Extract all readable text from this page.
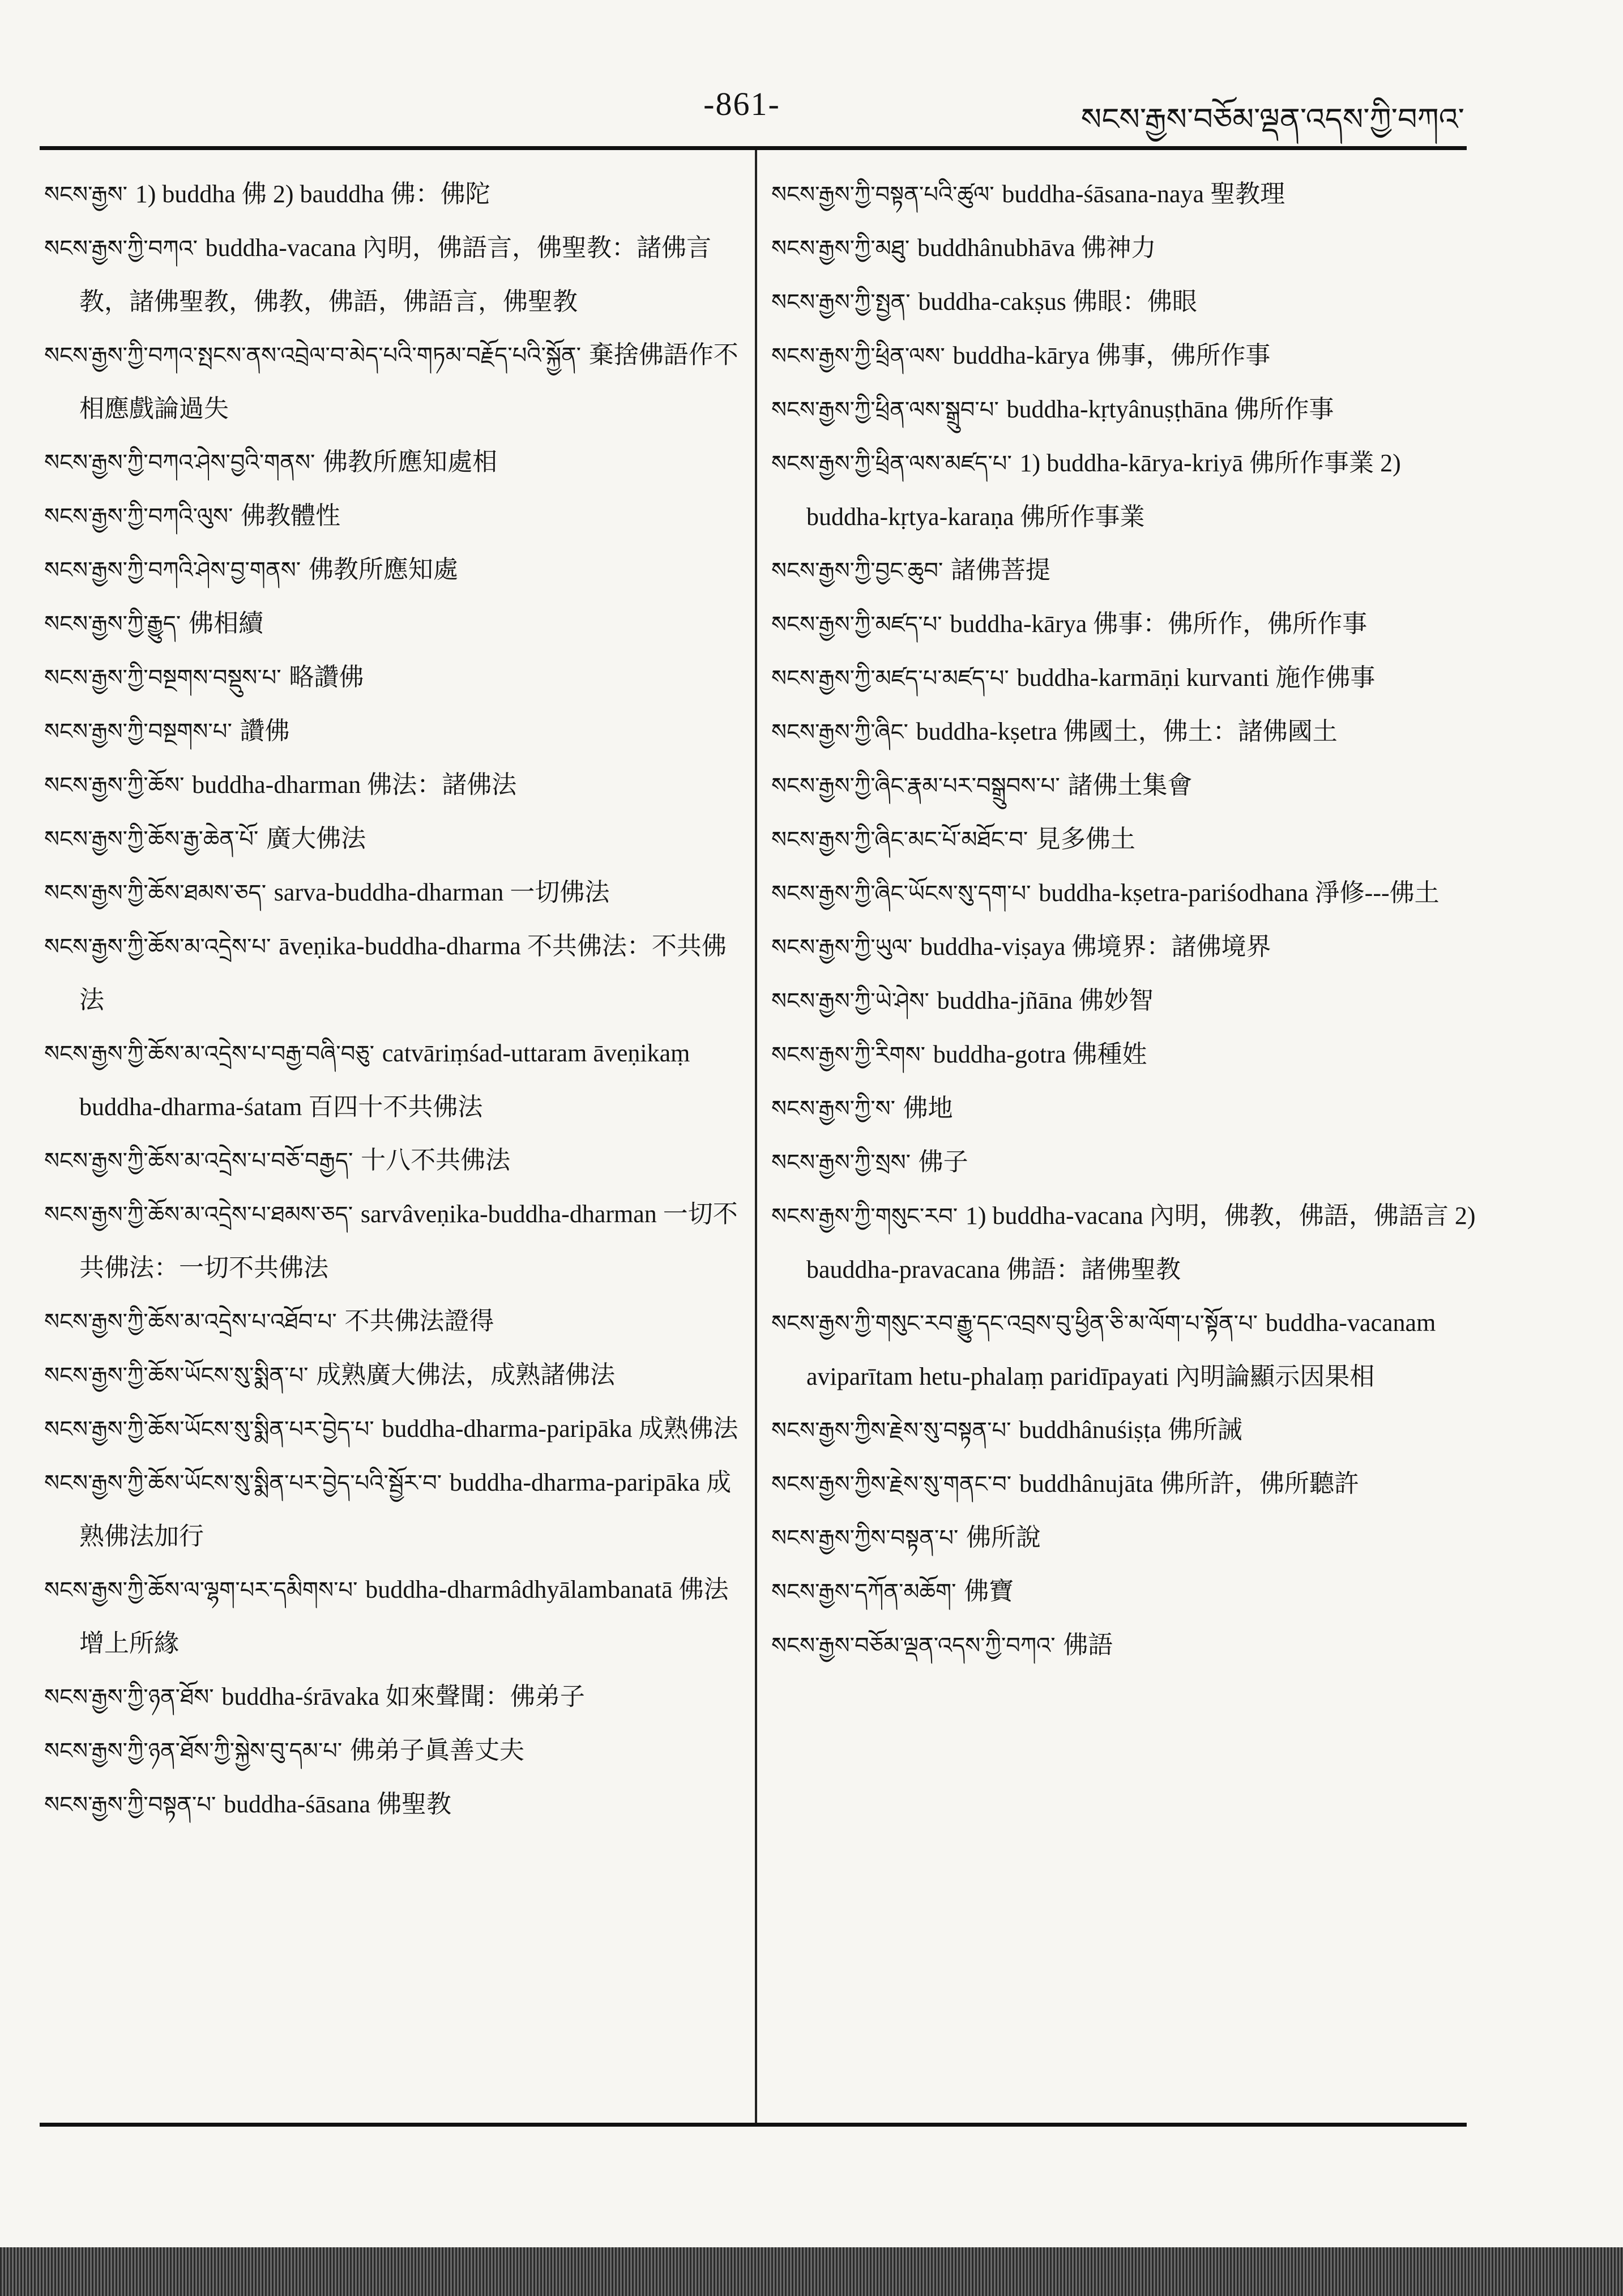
-861-	སངས་རྒྱས་བཅོམ་ལྡན་འདས་ཀྱི་བཀའ་

སངས་རྒྱས་ 1) buddha 佛 2) bauddha 佛：佛陀

སངས་རྒྱས་ཀྱི་བཀའ་ buddha-vacana 內明，佛語言，佛聖教：諸佛言教，諸佛聖教，佛教，佛語，佛語言，佛聖教

སངས་རྒྱས་ཀྱི་བཀའ་སྤངས་ནས་འབྲེལ་བ་མེད་པའི་གཏམ་བརྗོད་པའི་སྐྱོན་ 棄捨佛語作不相應戲論過失

སངས་རྒྱས་ཀྱི་བཀའ་ཤེས་བྱའི་གནས་ 佛教所應知處相

སངས་རྒྱས་ཀྱི་བཀའི་ལུས་ 佛教體性

སངས་རྒྱས་ཀྱི་བཀའི་ཤེས་བྱ་གནས་ 佛教所應知處

སངས་རྒྱས་ཀྱི་རྒྱུད་ 佛相續

སངས་རྒྱས་ཀྱི་བསྔགས་བསྡུས་པ་ 略讚佛

སངས་རྒྱས་ཀྱི་བསྔགས་པ་ 讚佛

སངས་རྒྱས་ཀྱི་ཆོས་ buddha-dharman 佛法：諸佛法

སངས་རྒྱས་ཀྱི་ཆོས་རྒྱ་ཆེན་པོ་ 廣大佛法

སངས་རྒྱས་ཀྱི་ཆོས་ཐམས་ཅད་ sarva-buddha-dharman 一切佛法

སངས་རྒྱས་ཀྱི་ཆོས་མ་འདྲེས་པ་ āveṇika-buddha-dharma 不共佛法：不共佛法

སངས་རྒྱས་ཀྱི་ཆོས་མ་འདྲེས་པ་བརྒྱ་བཞི་བཅུ་ catvāriṃśad-uttaram āveṇikaṃ buddha-dharma-śatam 百四十不共佛法

སངས་རྒྱས་ཀྱི་ཆོས་མ་འདྲེས་པ་བཅོ་བརྒྱད་ 十八不共佛法

སངས་རྒྱས་ཀྱི་ཆོས་མ་འདྲེས་པ་ཐམས་ཅད་ sarvâveṇika-buddha-dharman 一切不共佛法：一切不共佛法

སངས་རྒྱས་ཀྱི་ཆོས་མ་འདྲེས་པ་འཐོབ་པ་ 不共佛法證得

སངས་རྒྱས་ཀྱི་ཆོས་ཡོངས་སུ་སྨིན་པ་ 成熟廣大佛法，成熟諸佛法

སངས་རྒྱས་ཀྱི་ཆོས་ཡོངས་སུ་སྨིན་པར་བྱེད་པ་ buddha-dharma-paripāka 成熟佛法

སངས་རྒྱས་ཀྱི་ཆོས་ཡོངས་སུ་སྨིན་པར་བྱེད་པའི་སྦྱོར་བ་ buddha-dharma-paripāka 成熟佛法加行

སངས་རྒྱས་ཀྱི་ཆོས་ལ་ལྷག་པར་དམིགས་པ་ buddha-dharmâdhyālambanatā 佛法增上所緣

སངས་རྒྱས་ཀྱི་ཉན་ཐོས་ buddha-śrāvaka 如來聲聞：佛弟子

སངས་རྒྱས་ཀྱི་ཉན་ཐོས་ཀྱི་སྐྱེས་བུ་དམ་པ་ 佛弟子眞善丈夫

སངས་རྒྱས་ཀྱི་བསྟན་པ་ buddha-śāsana 佛聖教

སངས་རྒྱས་ཀྱི་བསྟན་པའི་ཚུལ་ buddha-śāsana-naya 聖教理

སངས་རྒྱས་ཀྱི་མཐུ་ buddhânubhāva 佛神力

སངས་རྒྱས་ཀྱི་སྤྱན་ buddha-cakṣus 佛眼：佛眼

སངས་རྒྱས་ཀྱི་ཕྲིན་ལས་ buddha-kārya 佛事，佛所作事

སངས་རྒྱས་ཀྱི་ཕྲིན་ལས་སྒྲུབ་པ་ buddha-kṛtyânuṣṭhāna 佛所作事

སངས་རྒྱས་ཀྱི་ཕྲིན་ལས་མཛད་པ་ 1) buddha-kārya-kriyā 佛所作事業 2) buddha-kṛtya-karaṇa 佛所作事業

སངས་རྒྱས་ཀྱི་བྱང་ཆུབ་ 諸佛菩提

སངས་རྒྱས་ཀྱི་མཛད་པ་ buddha-kārya 佛事：佛所作，佛所作事

སངས་རྒྱས་ཀྱི་མཛད་པ་མཛད་པ་ buddha-karmāṇi kurvanti 施作佛事

སངས་རྒྱས་ཀྱི་ཞིང་ buddha-kṣetra 佛國土，佛土：諸佛國土

སངས་རྒྱས་ཀྱི་ཞིང་རྣམ་པར་བསྒྲུབས་པ་ 諸佛土集會

སངས་རྒྱས་ཀྱི་ཞིང་མང་པོ་མཐོང་བ་ 見多佛土

སངས་རྒྱས་ཀྱི་ཞིང་ཡོངས་སུ་དག་པ་ buddha-kṣetra-pariśodhana 淨修---佛土

སངས་རྒྱས་ཀྱི་ཡུལ་ buddha-viṣaya 佛境界：諸佛境界

སངས་རྒྱས་ཀྱི་ཡེ་ཤེས་ buddha-jñāna 佛妙智

སངས་རྒྱས་ཀྱི་རིགས་ buddha-gotra 佛種姓

སངས་རྒྱས་ཀྱི་ས་ 佛地

སངས་རྒྱས་ཀྱི་སྲས་ 佛子

སངས་རྒྱས་ཀྱི་གསུང་རབ་ 1) buddha-vacana 內明，佛教，佛語，佛語言 2) bauddha-pravacana 佛語：諸佛聖教

སངས་རྒྱས་ཀྱི་གསུང་རབ་རྒྱུ་དང་འབྲས་བུ་ཕྱིན་ཅི་མ་ལོག་པ་སྟོན་པ་ buddha-vacanam aviparītam hetu-phalaṃ paridīpayati 內明論顯示因果相

སངས་རྒྱས་ཀྱིས་རྗེས་སུ་བསྟན་པ་ buddhânuśiṣṭa 佛所誡

སངས་རྒྱས་ཀྱིས་རྗེས་སུ་གནང་བ་ buddhânujāta 佛所許，佛所聽許

སངས་རྒྱས་ཀྱིས་བསྟན་པ་ 佛所說

སངས་རྒྱས་དཀོན་མཆོག་ 佛寶

སངས་རྒྱས་བཅོམ་ལྡན་འདས་ཀྱི་བཀའ་ 佛語
